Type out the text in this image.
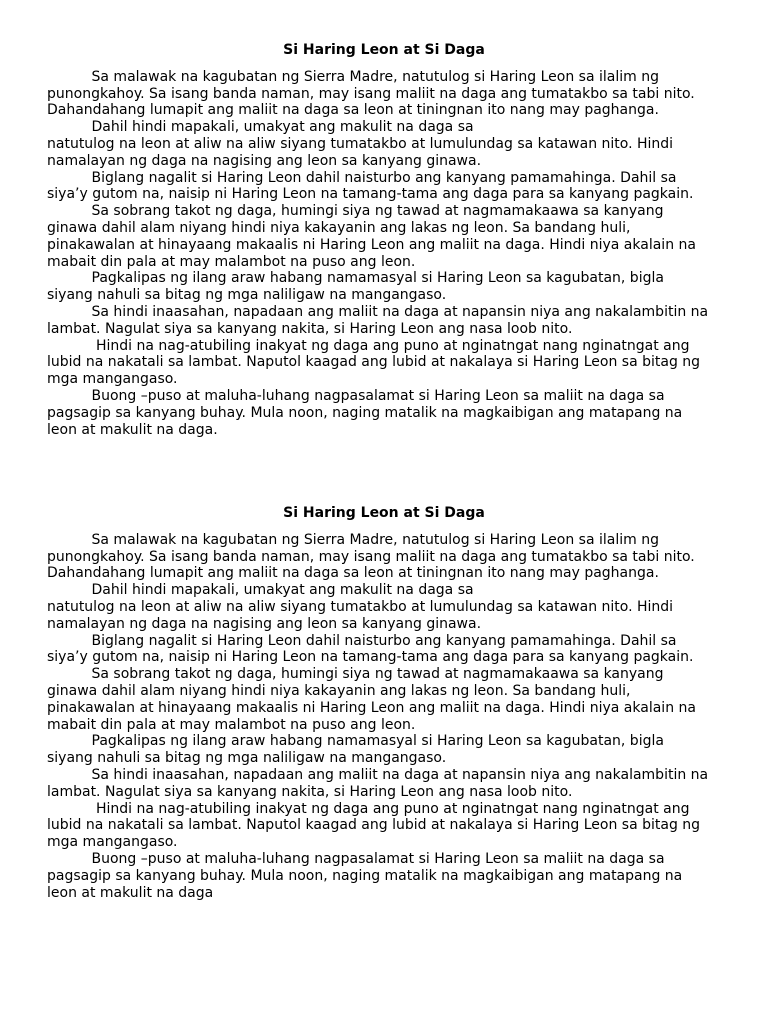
Si Haring Leon at Si Daga

Sa malawak na kagubatan ng Sierra Madre, natutulog si Haring Leon sa ilalim ng
punongkahoy. Sa isang banda naman, may isang maliit na daga ang tumatakbo sa tabi nito.
Dahandahang lumapit ang maliit na daga sa leon at tiningnan ito nang may paghanga.

Dahil hindi mapakali, umakyat ang makulit na daga sa
natutulog na leon at aliw na aliw siyang tumatakbo at lumulundag sa katawan nito. Hindi
namalayan ng daga na nagising ang leon sa kanyang ginawa.

Biglang nagalit si Haring Leon dahil naisturbo ang kanyang pamamahinga. Dahil sa
siya’y gutom na, naisip ni Haring Leon na tamang-tama ang daga para sa kanyang pagkain.

Sa sobrang takot ng daga, humingi siya ng tawad at nagmamakaawa sa kanyang
ginawa dahil alam niyang hindi niya kakayanin ang lakas ng leon. Sa bandang huli,
pinakawalan at hinayaang makaalis ni Haring Leon ang maliit na daga. Hindi niya akalain na
mabait din pala at may malambot na puso ang leon.

Pagkalipas ng ilang araw habang namamasyal si Haring Leon sa kagubatan, bigla
siyang nahuli sa bitag ng mga naliligaw na mangangaso.

Sa hindi inaasahan, napadaan ang maliit na daga at napansin niya ang nakalambitin na
lambat. Nagulat siya sa kanyang nakita, si Haring Leon ang nasa loob nito.

Hindi na nag-atubiling inakyat ng daga ang puno at nginatngat nang nginatngat ang
lubid na nakatali sa lambat. Naputol kaagad ang lubid at nakalaya si Haring Leon sa bitag ng
mga mangangaso.

Buong –puso at maluha-luhang nagpasalamat si Haring Leon sa maliit na daga sa
pagsagip sa kanyang buhay. Mula noon, naging matalik na magkaibigan ang matapang na
leon at makulit na daga.

Si Haring Leon at Si Daga

Sa malawak na kagubatan ng Sierra Madre, natutulog si Haring Leon sa ilalim ng
punongkahoy. Sa isang banda naman, may isang maliit na daga ang tumatakbo sa tabi nito.
Dahandahang lumapit ang maliit na daga sa leon at tiningnan ito nang may paghanga.

Dahil hindi mapakali, umakyat ang makulit na daga sa
natutulog na leon at aliw na aliw siyang tumatakbo at lumulundag sa katawan nito. Hindi
namalayan ng daga na nagising ang leon sa kanyang ginawa.

Biglang nagalit si Haring Leon dahil naisturbo ang kanyang pamamahinga. Dahil sa
siya’y gutom na, naisip ni Haring Leon na tamang-tama ang daga para sa kanyang pagkain.

Sa sobrang takot ng daga, humingi siya ng tawad at nagmamakaawa sa kanyang
ginawa dahil alam niyang hindi niya kakayanin ang lakas ng leon. Sa bandang huli,
pinakawalan at hinayaang makaalis ni Haring Leon ang maliit na daga. Hindi niya akalain na
mabait din pala at may malambot na puso ang leon.

Pagkalipas ng ilang araw habang namamasyal si Haring Leon sa kagubatan, bigla
siyang nahuli sa bitag ng mga naliligaw na mangangaso.

Sa hindi inaasahan, napadaan ang maliit na daga at napansin niya ang nakalambitin na
lambat. Nagulat siya sa kanyang nakita, si Haring Leon ang nasa loob nito.

Hindi na nag-atubiling inakyat ng daga ang puno at nginatngat nang nginatngat ang
lubid na nakatali sa lambat. Naputol kaagad ang lubid at nakalaya si Haring Leon sa bitag ng
mga mangangaso.

Buong –puso at maluha-luhang nagpasalamat si Haring Leon sa maliit na daga sa
pagsagip sa kanyang buhay. Mula noon, naging matalik na magkaibigan ang matapang na
leon at makulit na daga
